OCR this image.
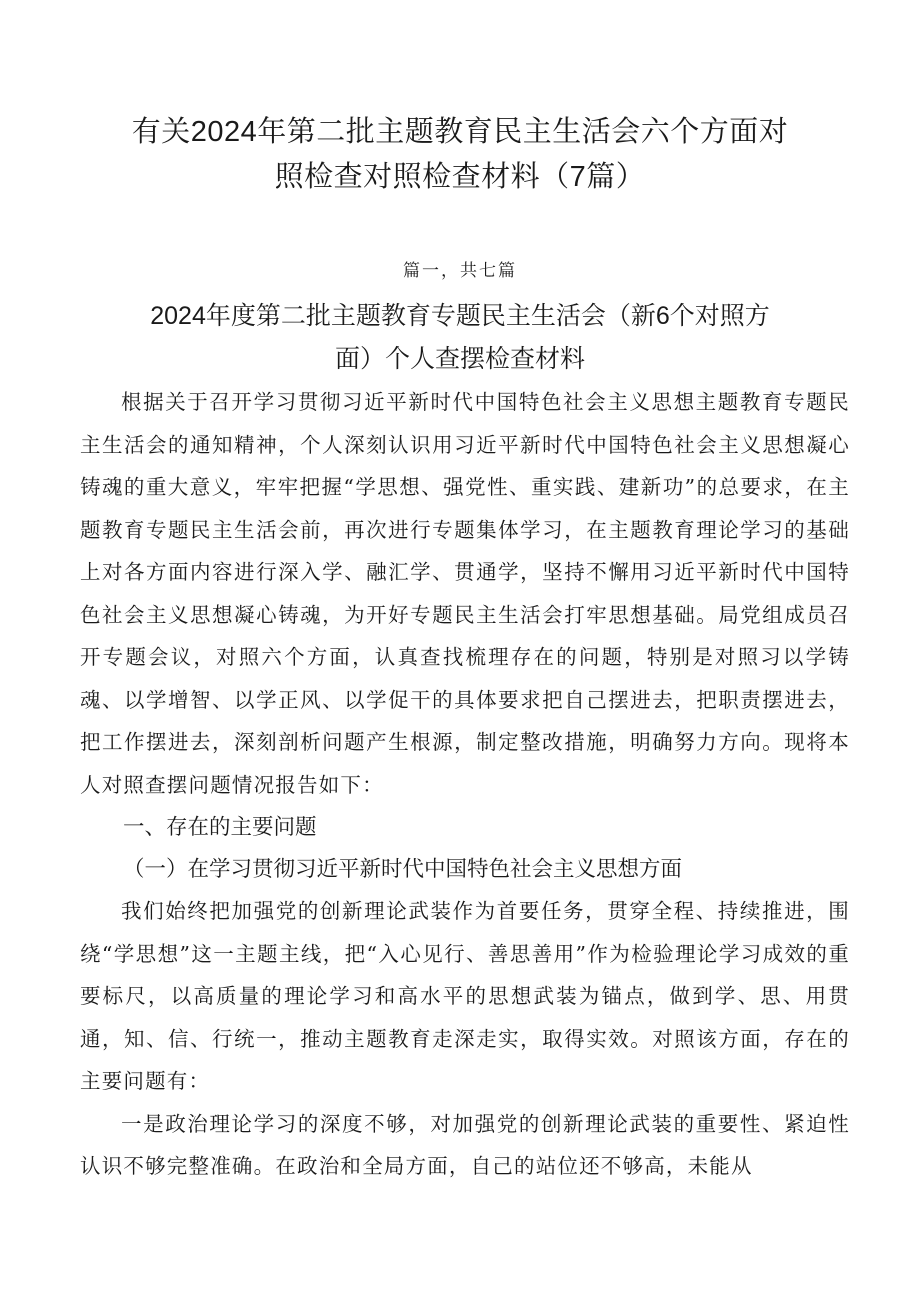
有关2024年第二批主题教育民主生活会六个方面对
照检查对照检查材料（7篇）
篇一，共七篇
2024年度第二批主题教育专题民主生活会（新6个对照方
面）个人查摆检查材料

根据关于召开学习贯彻习近平新时代中国特色社会主义思想主题教育专题民主生活会的通知精神，个人深刻认识用习近平新时代中国特色社会主义思想凝心铸魂的重大意义，牢牢把握“学思想、强党性、重实践、建新功”的总要求，在主题教育专题民主生活会前，再次进行专题集体学习，在主题教育理论学习的基础上对各方面内容进行深入学、融汇学、贯通学，坚持不懈用习近平新时代中国特色社会主义思想凝心铸魂，为开好专题民主生活会打牢思想基础。局党组成员召开专题会议，对照六个方面，认真查找梳理存在的问题，特别是对照习以学铸魂、以学增智、以学正风、以学促干的具体要求把自己摆进去，把职责摆进去，把工作摆进去，深刻剖析问题产生根源，制定整改措施，明确努力方向。现将本人对照查摆问题情况报告如下：

一、存在的主要问题

（一）在学习贯彻习近平新时代中国特色社会主义思想方面

我们始终把加强党的创新理论武装作为首要任务，贯穿全程、持续推进，围绕“学思想”这一主题主线，把“入心见行、善思善用”作为检验理论学习成效的重要标尺，以高质量的理论学习和高水平的思想武装为锚点，做到学、思、用贯通，知、信、行统一，推动主题教育走深走实，取得实效。对照该方面，存在的主要问题有：

一是政治理论学习的深度不够，对加强党的创新理论武装的重要性、紧迫性认识不够完整准确。在政治和全局方面，自己的站位还不够高，未能从
